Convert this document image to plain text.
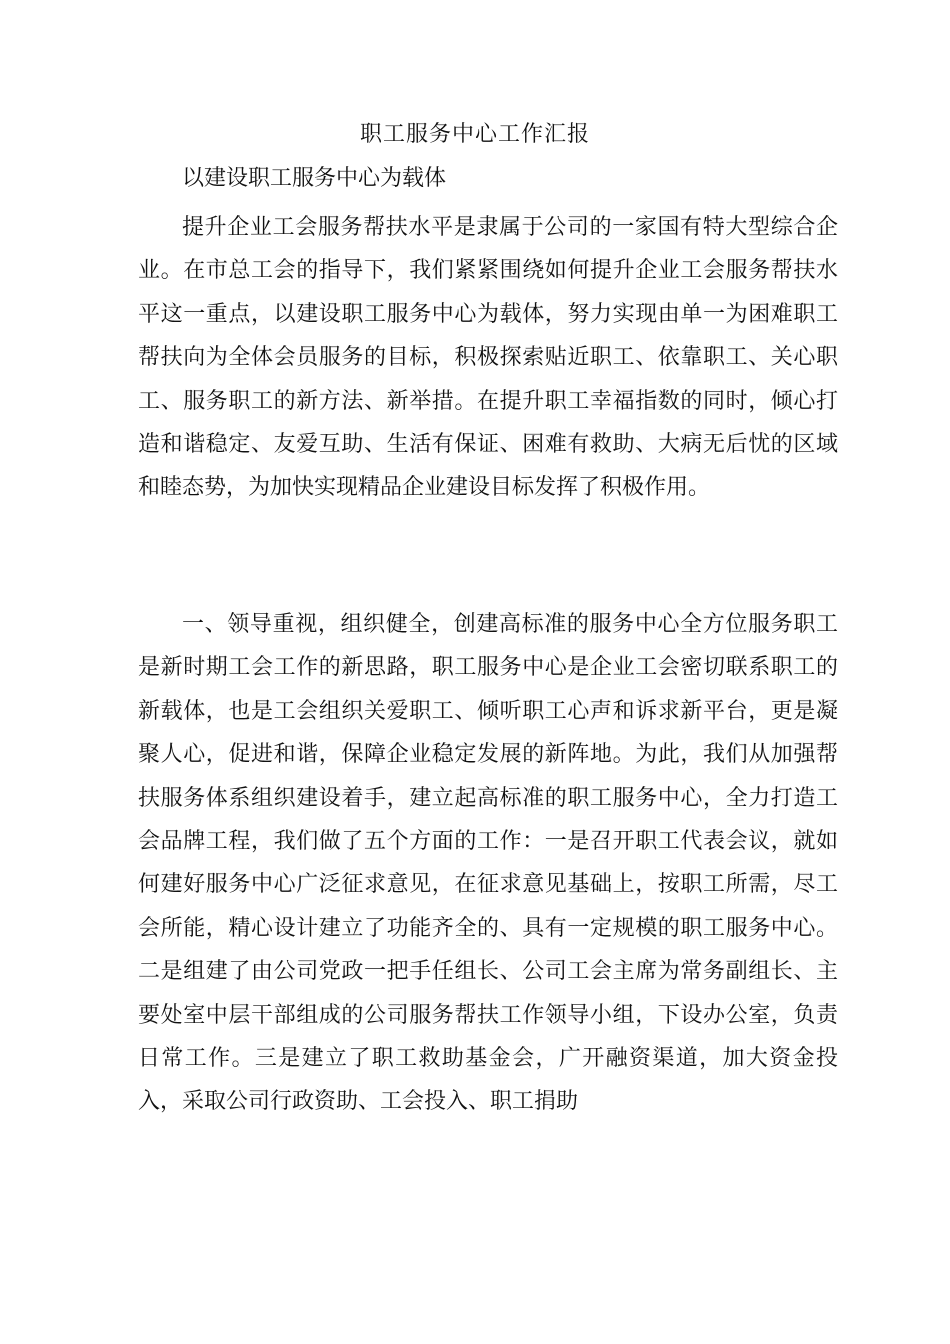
职工服务中心工作汇报
以建设职工服务中心为载体

提升企业工会服务帮扶水平是隶属于公司的一家国有特大型综合企业。在市总工会的指导下，我们紧紧围绕如何提升企业工会服务帮扶水平这一重点，以建设职工服务中心为载体，努力实现由单一为困难职工帮扶向为全体会员服务的目标，积极探索贴近职工、依靠职工、关心职工、服务职工的新方法、新举措。在提升职工幸福指数的同时，倾心打造和谐稳定、友爱互助、生活有保证、困难有救助、大病无后忧的区域和睦态势，为加快实现精品企业建设目标发挥了积极作用。

一、领导重视，组织健全，创建高标准的服务中心全方位服务职工是新时期工会工作的新思路，职工服务中心是企业工会密切联系职工的新载体，也是工会组织关爱职工、倾听职工心声和诉求新平台，更是凝聚人心，促进和谐，保障企业稳定发展的新阵地。为此，我们从加强帮扶服务体系组织建设着手，建立起高标准的职工服务中心，全力打造工会品牌工程，我们做了五个方面的工作：一是召开职工代表会议，就如何建好服务中心广泛征求意见，在征求意见基础上，按职工所需，尽工会所能，精心设计建立了功能齐全的、具有一定规模的职工服务中心。二是组建了由公司党政一把手任组长、公司工会主席为常务副组长、主要处室中层干部组成的公司服务帮扶工作领导小组，下设办公室，负责日常工作。三是建立了职工救助基金会，广开融资渠道，加大资金投入，采取公司行政资助、工会投入、职工捐助
